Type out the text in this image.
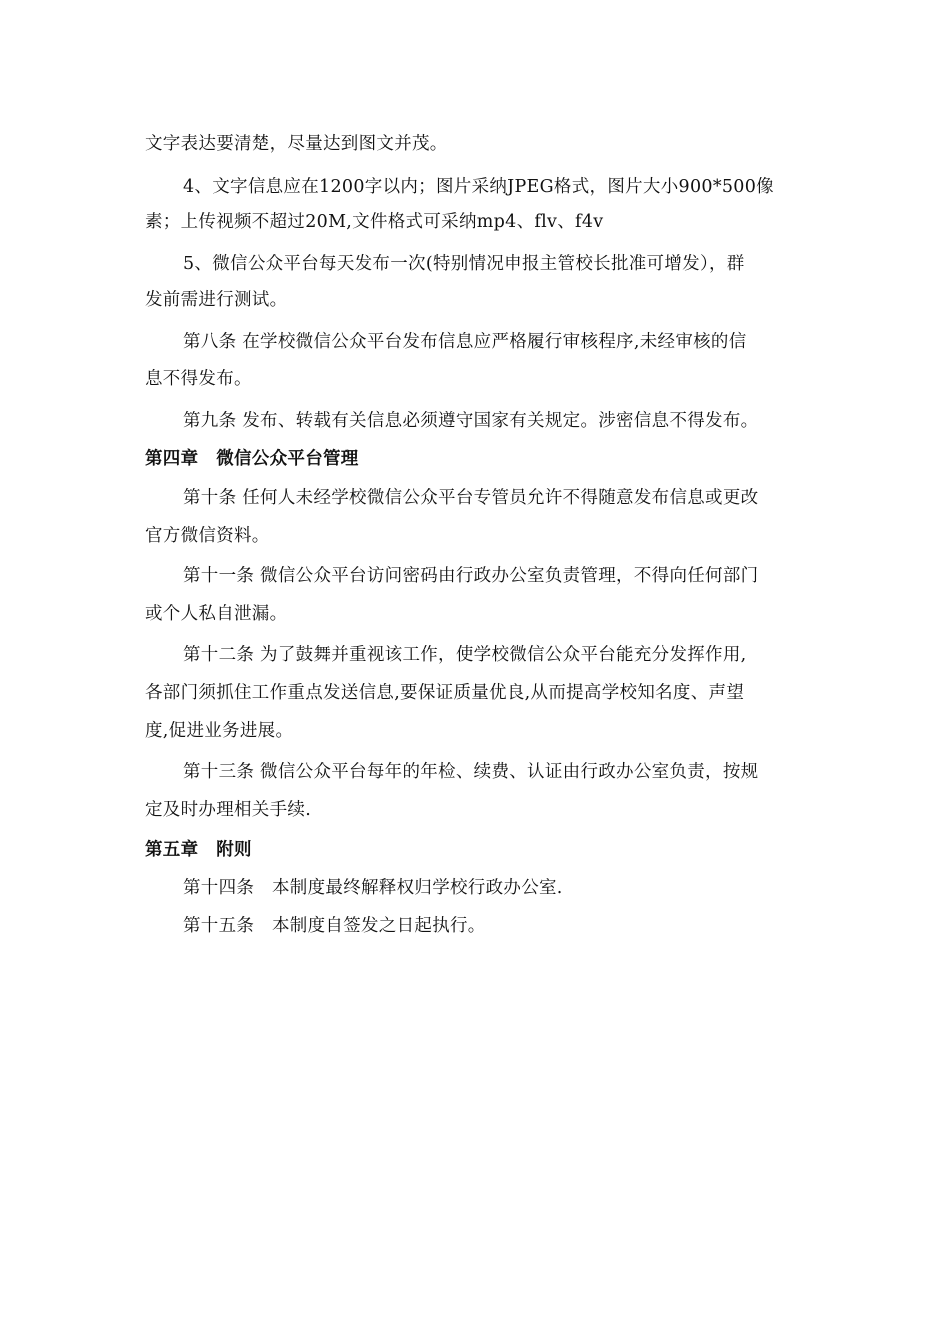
文字表达要清楚，尽量达到图文并茂。
4、文字信息应在1200字以内；图片采纳JPEG格式，图片大小900*500像
素；上传视频不超过20M,文件格式可采纳mp4、flv、f4v
5、微信公众平台每天发布一次(特别情况申报主管校长批准可增发），群
发前需进行测试。
第八条 在学校微信公众平台发布信息应严格履行审核程序,未经审核的信
息不得发布。
第九条 发布、转载有关信息必须遵守国家有关规定。涉密信息不得发布。
第四章　微信公众平台管理
第十条 任何人未经学校微信公众平台专管员允许不得随意发布信息或更改
官方微信资料。
第十一条 微信公众平台访问密码由行政办公室负责管理，不得向任何部门
或个人私自泄漏。
第十二条 为了鼓舞并重视该工作，使学校微信公众平台能充分发挥作用,
各部门须抓住工作重点发送信息,要保证质量优良,从而提高学校知名度、声望
度,促进业务进展。
第十三条 微信公众平台每年的年检、续费、认证由行政办公室负责，按规
定及时办理相关手续.
第五章　附则
第十四条　本制度最终解释权归学校行政办公室.
第十五条　本制度自签发之日起执行。
